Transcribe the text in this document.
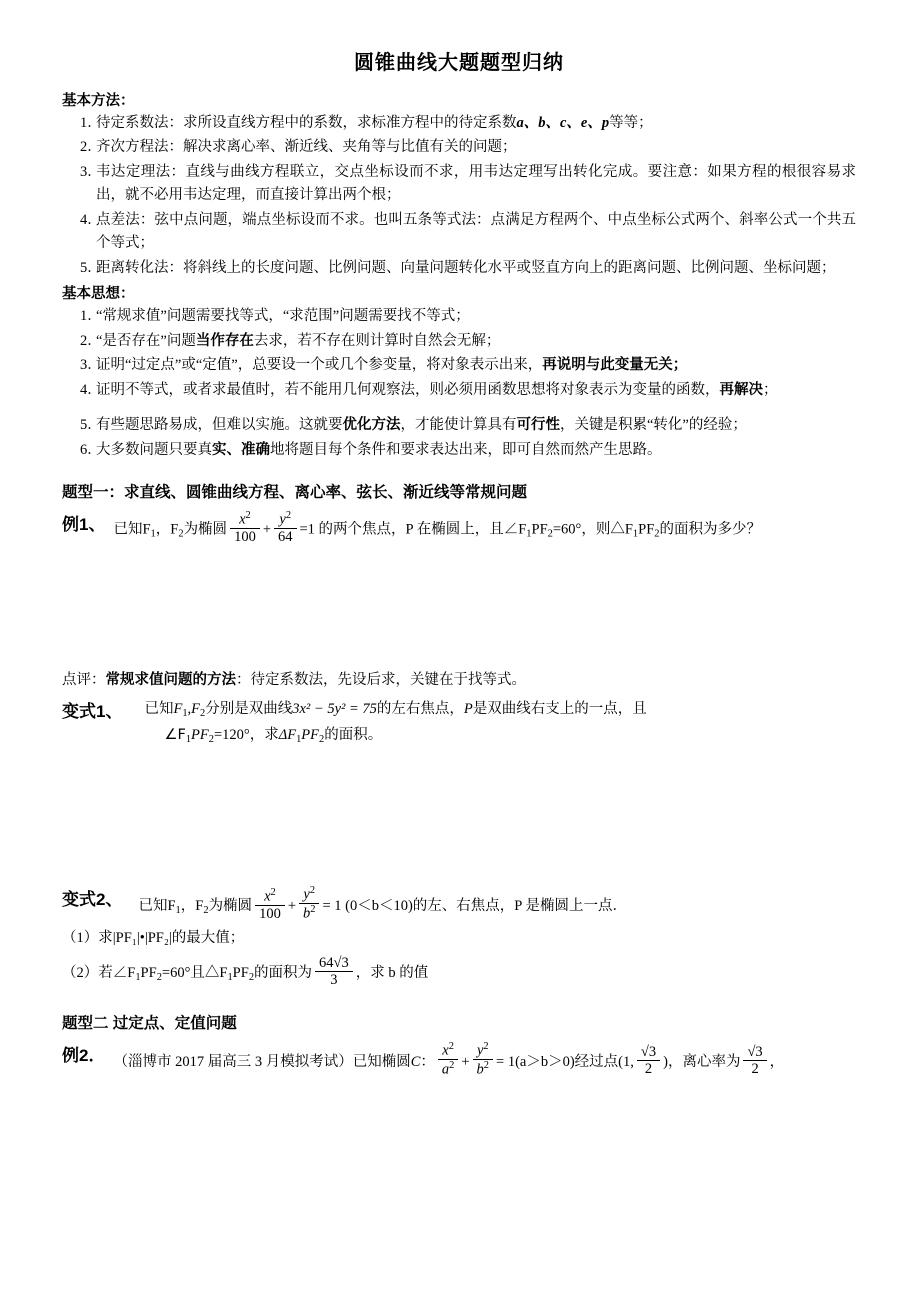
圆锥曲线大题题型归纳
基本方法：
1．
待定系数法：求所设直线方程中的系数，求标准方程中的待定系数a、b、c、e、p等等；
2．
齐次方程法：解决求离心率、渐近线、夹角等与比值有关的问题；
3．
韦达定理法：直线与曲线方程联立，交点坐标设而不求，用韦达定理写出转化完成。要注意：如果方程的根很容易求出，就不必用韦达定理，而直接计算出两个根；
4．
点差法：弦中点问题，端点坐标设而不求。也叫五条等式法：点满足方程两个、中点坐标公式两个、斜率公式一个共五个等式；
5．
距离转化法：将斜线上的长度问题、比例问题、向量问题转化水平或竖直方向上的距离问题、比例问题、坐标问题；
基本思想：
1．
“常规求值”问题需要找等式，“求范围”问题需要找不等式；
2．
“是否存在”问题当作存在去求，若不存在则计算时自然会无解；
3．
证明“过定点”或“定值”，总要设一个或几个参变量，将对象表示出来，再说明与此变量无关；
4．
证明不等式，或者求最值时，若不能用几何观察法，则必须用函数思想将对象表示为变量的函数，再解决；
5．
有些题思路易成，但难以实施。这就要优化方法，才能使计算具有可行性，关键是积累“转化”的经验；
6．
大多数问题只要真实、准确地将题目每个条件和要求表达出来，即可自然而然产生思路。
题型一：求直线、圆锥曲线方程、离心率、弦长、渐近线等常规问题
例1、 已知$F_1$，$F_2$为椭圆 $\frac{x^2}{100} + \frac{y^2}{64} =1$ 的两个焦点，P 在椭圆上，且$\angle F_1PF_2=60^\circ$，则$\triangle F_1PF_2$的面积为多少？
点评：常规求值问题的方法：待定系数法，先设后求，关键在于找等式。
变式1、	已知$F_1,F_2$分别是双曲线3x² − 5y² = 75的左右焦点，P是双曲线右支上的一点，且
$\angle F_1PF_2=120^\circ$，求$\Delta F_1PF_2$的面积。
变式2、	已知$F_1$，$F_2$为椭圆 $\frac{x^2}{100} + \frac{y^2}{b^2} = 1$ (0＜b＜10)的左、右焦点，P 是椭圆上一点．
（1）求|PF₁|•|PF₂|的最大值；
（2）若$\angle F_1PF_2=60^\circ$且$\triangle F_1PF_2$的面积为 $\frac{64√3}{3}$ ，求 b 的值
题型二 过定点、定值问题
例2． （淄博市 2017 届高三 3 月模拟考试）已知椭圆C： $\frac{x^2}{a^2} + \frac{y^2}{b^2} = 1(a>b>0)$经过点(1, $\frac{√3}{2}$ )，离心率为 $\frac{√3}{2}$ ，
